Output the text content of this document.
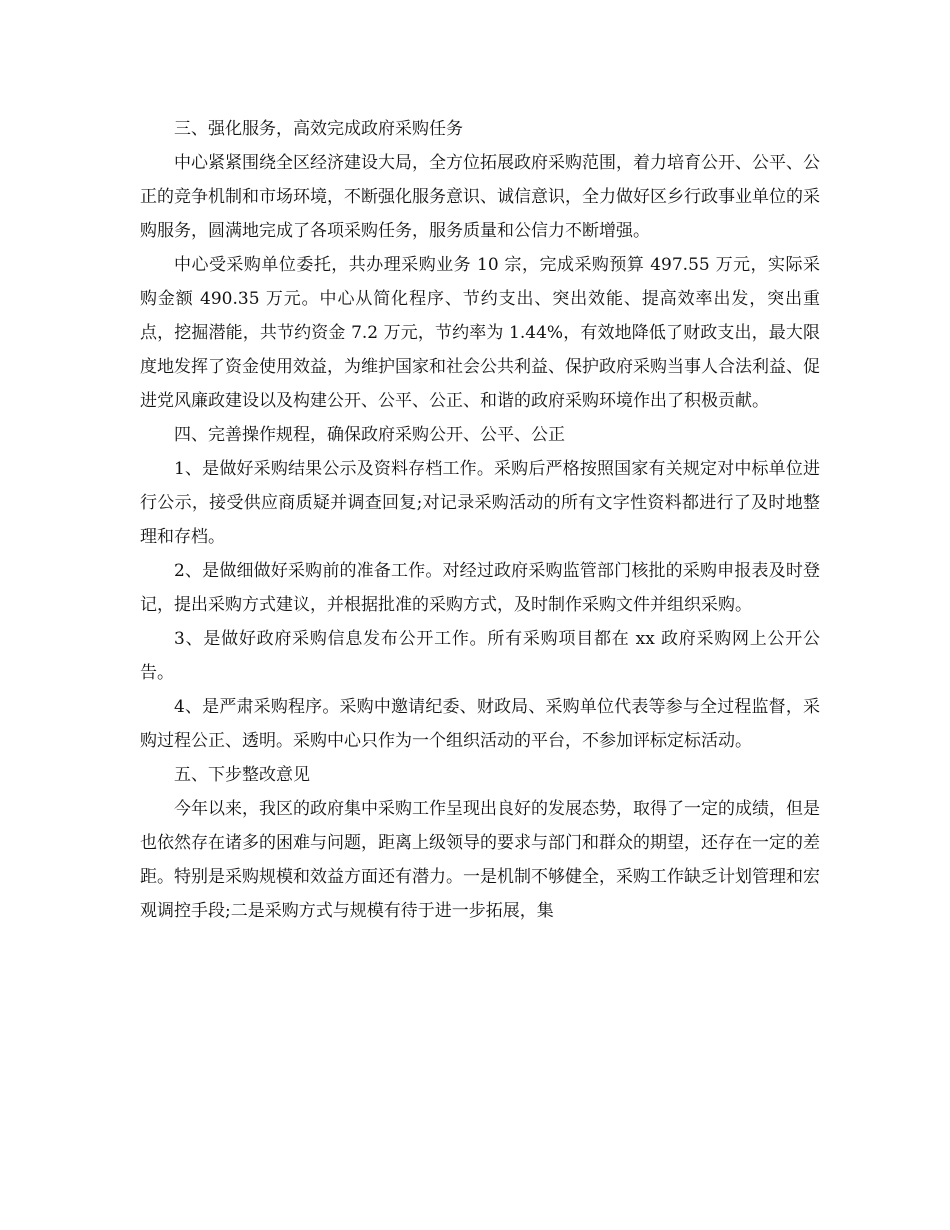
三、强化服务，高效完成政府采购任务

中心紧紧围绕全区经济建设大局，全方位拓展政府采购范围，着力培育公开、公平、公正的竞争机制和市场环境，不断强化服务意识、诚信意识，全力做好区乡行政事业单位的采购服务，圆满地完成了各项采购任务，服务质量和公信力不断增强。

中心受采购单位委托，共办理采购业务 10 宗，完成采购预算 497.55 万元，实际采购金额 490.35 万元。中心从简化程序、节约支出、突出效能、提高效率出发，突出重点，挖掘潜能，共节约资金 7.2 万元，节约率为 1.44%，有效地降低了财政支出，最大限度地发挥了资金使用效益，为维护国家和社会公共利益、保护政府采购当事人合法利益、促进党风廉政建设以及构建公开、公平、公正、和谐的政府采购环境作出了积极贡献。

四、完善操作规程，确保政府采购公开、公平、公正

1、是做好采购结果公示及资料存档工作。采购后严格按照国家有关规定对中标单位进行公示，接受供应商质疑并调查回复;对记录采购活动的所有文字性资料都进行了及时地整理和存档。

2、是做细做好采购前的准备工作。对经过政府采购监管部门核批的采购申报表及时登记，提出采购方式建议，并根据批准的采购方式，及时制作采购文件并组织采购。

3、是做好政府采购信息发布公开工作。所有采购项目都在 xx 政府采购网上公开公告。

4、是严肃采购程序。采购中邀请纪委、财政局、采购单位代表等参与全过程监督，采购过程公正、透明。采购中心只作为一个组织活动的平台，不参加评标定标活动。

五、下步整改意见

今年以来，我区的政府集中采购工作呈现出良好的发展态势，取得了一定的成绩，但是也依然存在诸多的困难与问题，距离上级领导的要求与部门和群众的期望，还存在一定的差距。特别是采购规模和效益方面还有潜力。一是机制不够健全，采购工作缺乏计划管理和宏观调控手段;二是采购方式与规模有待于进一步拓展，集
